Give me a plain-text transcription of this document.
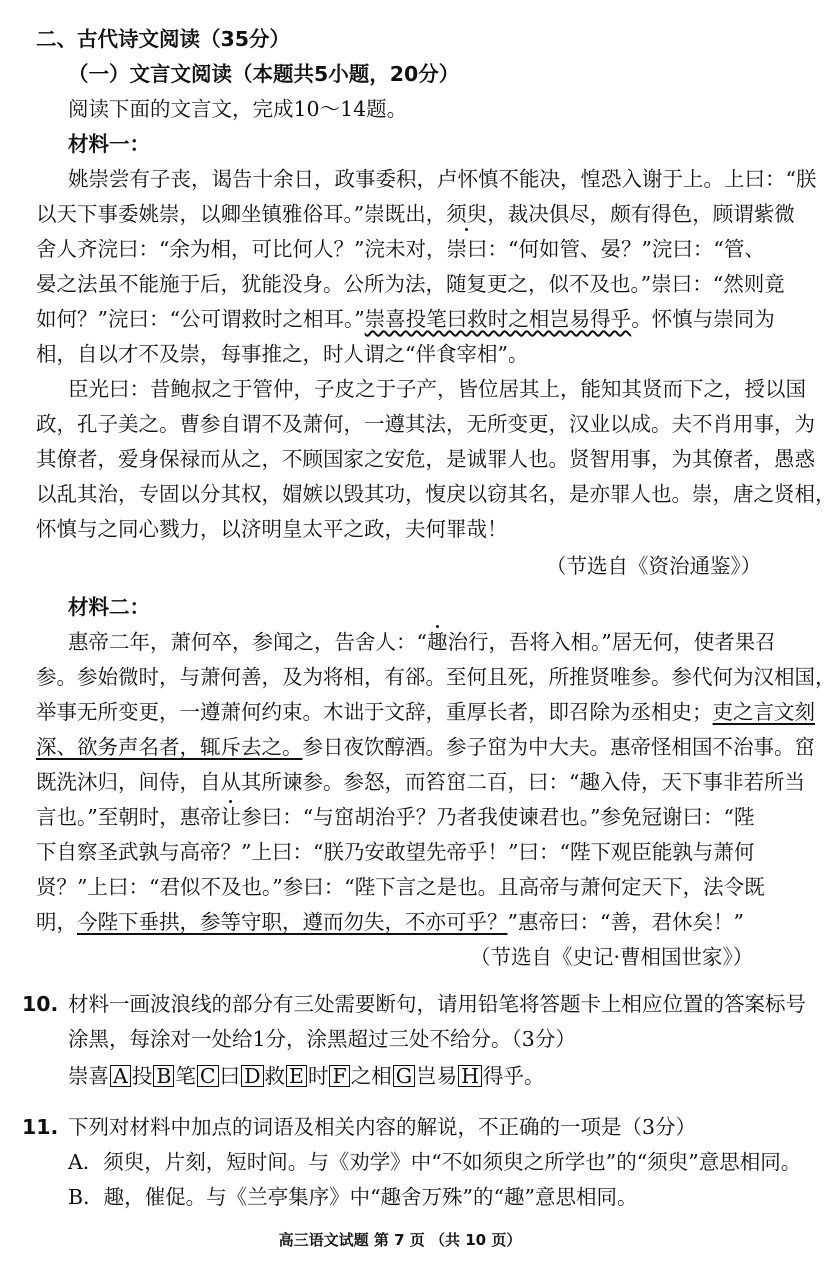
二、古代诗文阅读（35分）
（一）文言文阅读（本题共5小题，20分）
阅读下面的文言文，完成10～14题。
材料一：
姚崇尝有子丧，谒告十余日，政事委积，卢怀慎不能决，惶恐入谢于上。上曰：“朕
以天下事委姚崇，以卿坐镇雅俗耳。”崇既出，须臾，裁决俱尽，颇有得色，顾谓紫微
舍人齐浣曰：“余为相，可比何人？”浣未对，崇曰：“何如管、晏？”浣曰：“管、
晏之法虽不能施于后，犹能没身。公所为法，随复更之，似不及也。”崇曰：“然则竟
如何？”浣曰：“公可谓救时之相耳。”崇喜投笔曰救时之相岂易得乎。怀慎与崇同为
相，自以才不及崇，每事推之，时人谓之“伴食宰相”。
臣光曰：昔鲍叔之于管仲，子皮之于子产，皆位居其上，能知其贤而下之，授以国
政，孔子美之。曹参自谓不及萧何，一遵其法，无所变更，汉业以成。夫不肖用事，为
其僚者，爱身保禄而从之，不顾国家之安危，是诚罪人也。贤智用事，为其僚者，愚惑
以乱其治，专固以分其权，媢嫉以毁其功，愎戾以窃其名，是亦罪人也。崇，唐之贤相，
怀慎与之同心戮力，以济明皇太平之政，夫何罪哉！
（节选自《资治通鉴》）
材料二：
惠帝二年，萧何卒，参闻之，告舍人：“趣治行，吾将入相。”居无何，使者果召
参。参始微时，与萧何善，及为将相，有郤。至何且死，所推贤唯参。参代何为汉相国，
举事无所变更，一遵萧何约束。木诎于文辞，重厚长者，即召除为丞相史；吏之言文刻
深、欲务声名者，辄斥去之。参日夜饮醇酒。参子窋为中大夫。惠帝怪相国不治事。窋
既洗沐归，间侍，自从其所谏参。参怒，而笞窋二百，曰：“趣入侍，天下事非若所当
言也。”至朝时，惠帝让参曰：“与窋胡治乎？乃者我使谏君也。”参免冠谢曰：“陛
下自察圣武孰与高帝？”上曰：“朕乃安敢望先帝乎！”曰：“陛下观臣能孰与萧何
贤？”上曰：“君似不及也。”参曰：“陛下言之是也。且高帝与萧何定天下，法令既
明，今陛下垂拱，参等守职，遵而勿失，不亦可乎？”惠帝曰：“善，君休矣！”
（节选自《史记·曹相国世家》）
10. 材料一画波浪线的部分有三处需要断句，请用铅笔将答题卡上相应位置的答案标号
涂黑，每涂对一处给1分，涂黑超过三处不给分。（3分）
崇喜 A 投 B 笔 C 曰 D 救 E 时 F 之相 G 岂易 H 得乎。
11. 下列对材料中加点的词语及相关内容的解说，不正确的一项是（3分）
A．须臾，片刻，短时间。与《劝学》中“不如须臾之所学也”的“须臾”意思相同。
B．趣，催促。与《兰亭集序》中“趣舍万殊”的“趣”意思相同。
高三语文试题 第 7 页 （共 10 页）
